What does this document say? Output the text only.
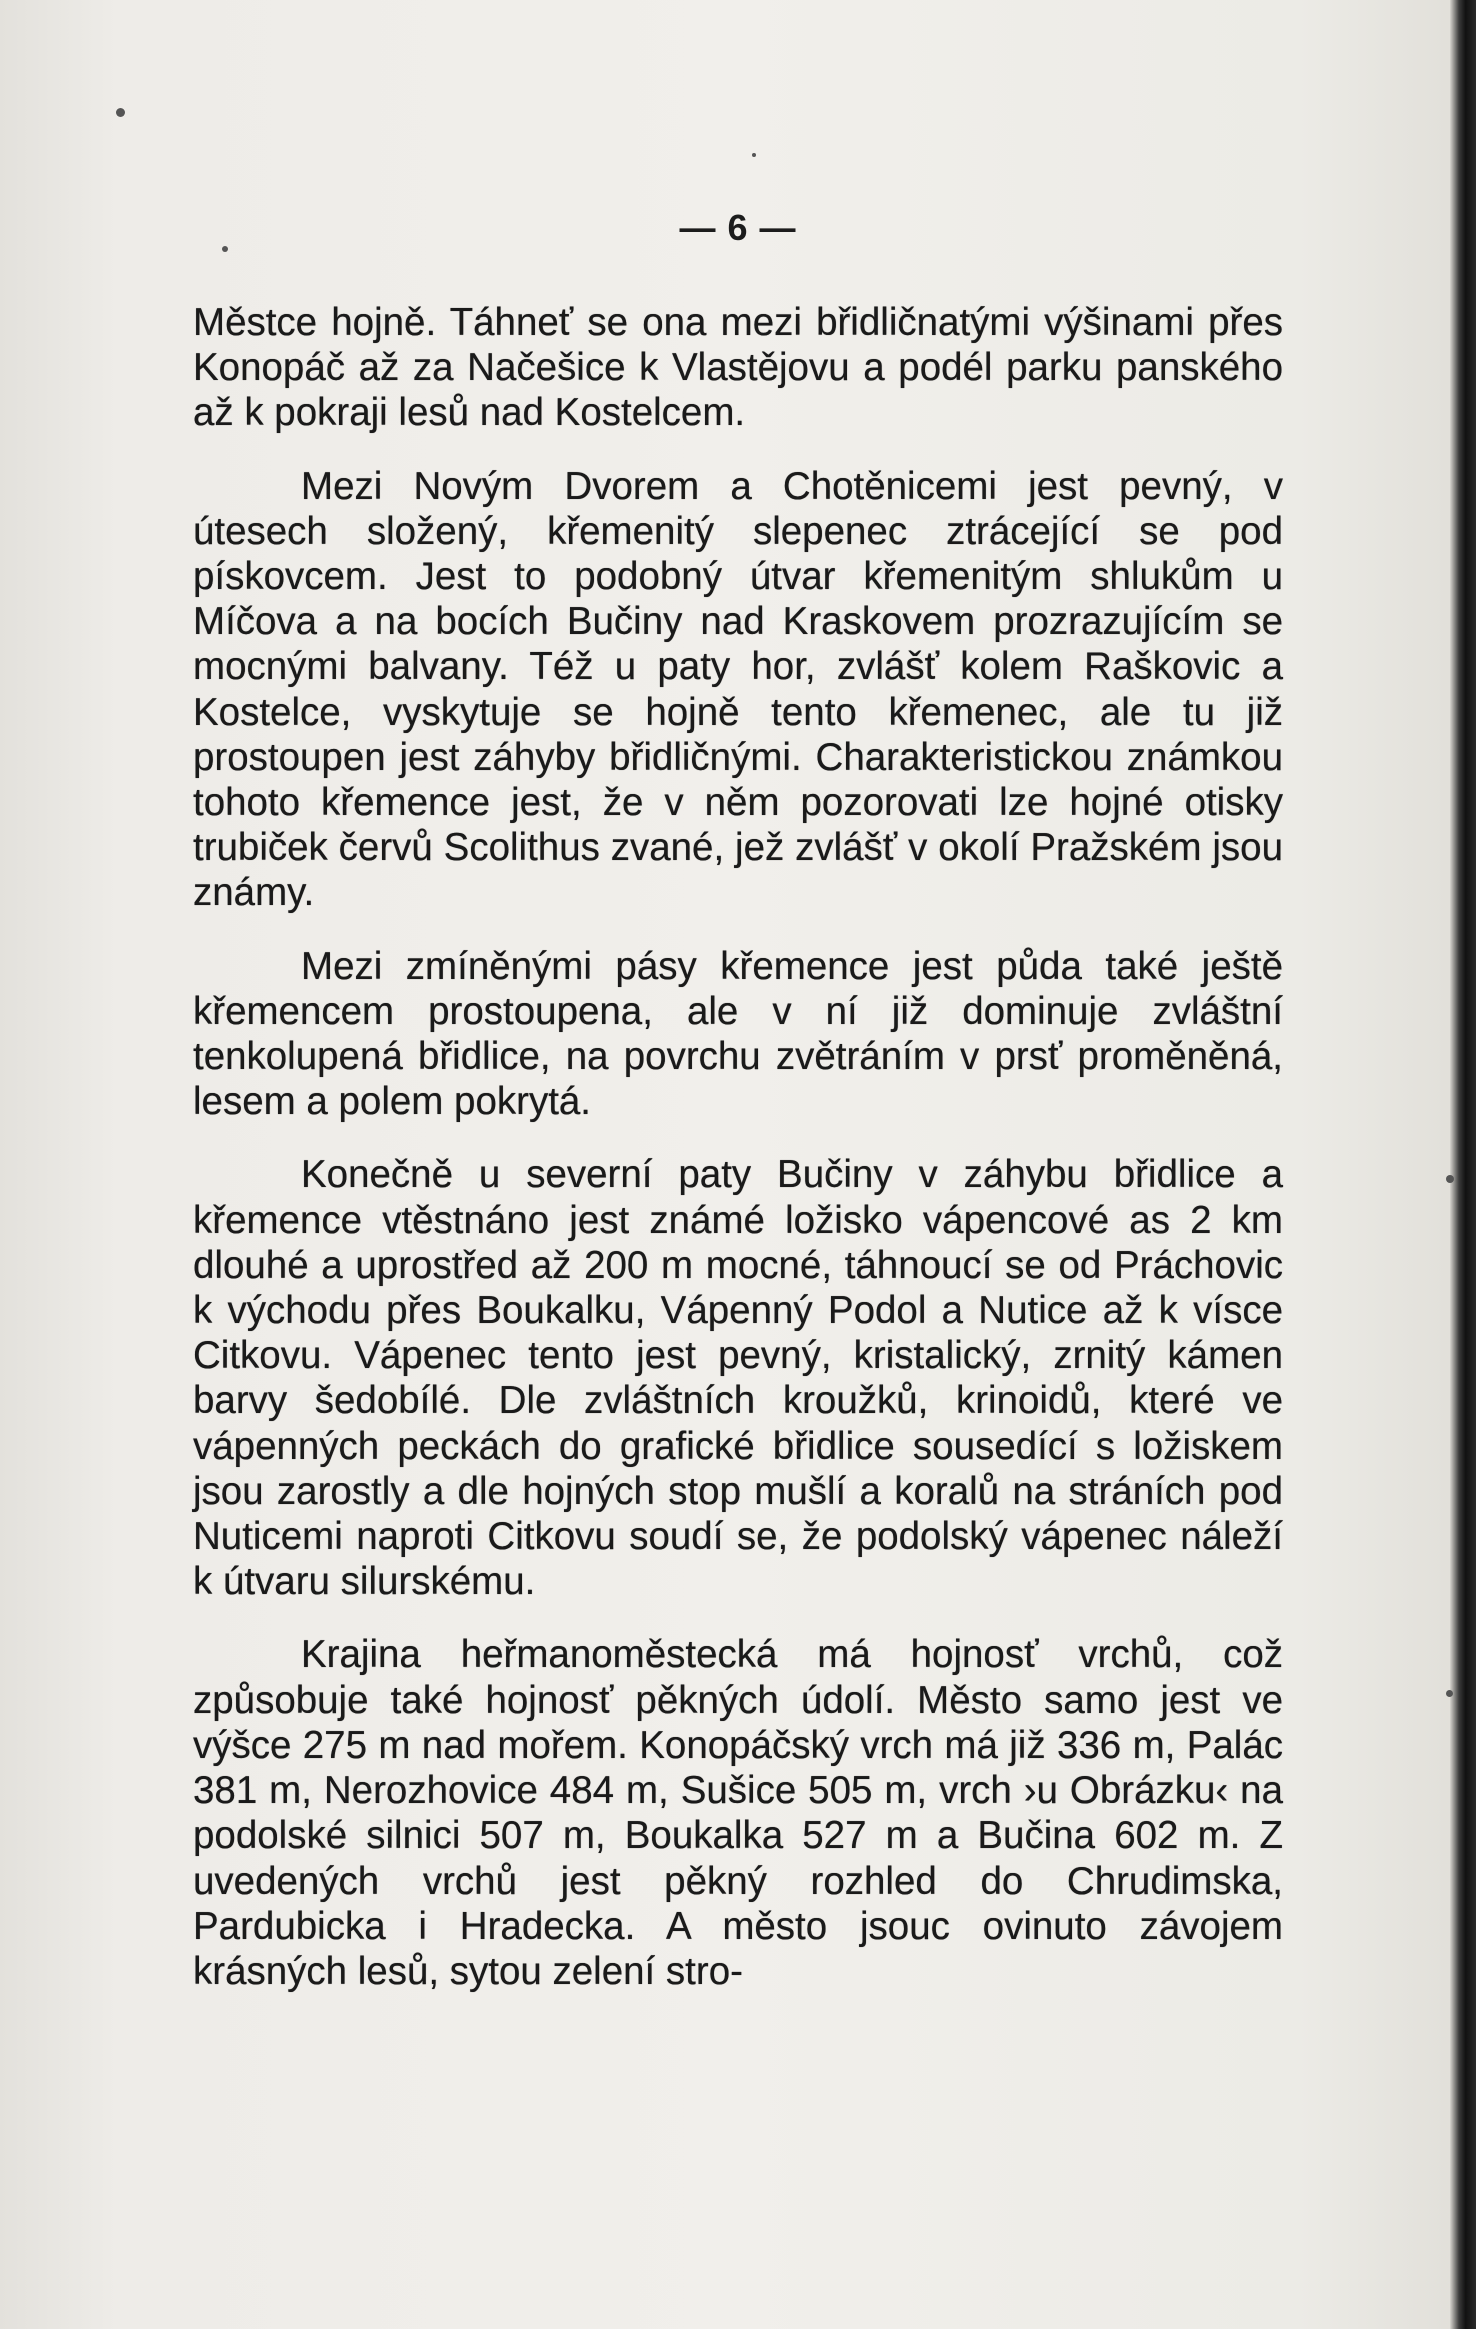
— 6 —

Městce hojně. Táhneť se ona mezi břidličnatými výšinami přes Konopáč až za Načešice k Vlastějovu a podél parku panského až k pokraji lesů nad Kostelcem.

Mezi Novým Dvorem a Chotěnicemi jest pevný, v útesech složený, křemenitý slepenec ztrácející se pod pískovcem. Jest to podobný útvar křemenitým shlukům u Míčova a na bocích Bučiny nad Kraskovem prozrazujícím se mocnými balvany. Též u paty hor, zvlášť kolem Raškovic a Kostelce, vyskytuje se hojně tento křemenec, ale tu již prostoupen jest záhyby břidličnými. Charakteristickou známkou tohoto křemence jest, že v něm pozorovati lze hojné otisky trubiček červů Scolithus zvané, jež zvlášť v okolí Pražském jsou známy.

Mezi zmíněnými pásy křemence jest půda také ještě křemencem prostoupena, ale v ní již dominuje zvláštní tenkolupená břidlice, na povrchu zvětráním v prsť proměněná, lesem a polem pokrytá.

Konečně u severní paty Bučiny v záhybu břidlice a křemence vtěstnáno jest známé ložisko vápencové as 2 km dlouhé a uprostřed až 200 m mocné, táhnoucí se od Práchovic k východu přes Boukalku, Vápenný Podol a Nutice až k vísce Citkovu. Vápenec tento jest pevný, kristalický, zrnitý kámen barvy šedobílé. Dle zvláštních kroužků, krinoidů, které ve vápenných peckách do grafické břidlice sousedící s ložiskem jsou zarostly a dle hojných stop mušlí a koralů na stráních pod Nuticemi naproti Citkovu soudí se, že podolský vápenec náleží k útvaru silurskému.

Krajina heřmanoměstecká má hojnosť vrchů, což způsobuje také hojnosť pěkných údolí. Město samo jest ve výšce 275 m nad mořem. Konopáčský vrch má již 336 m, Palác 381 m, Nerozhovice 484 m, Sušice 505 m, vrch ›u Obrázku‹ na podolské silnici 507 m, Boukalka 527 m a Bučina 602 m. Z uvedených vrchů jest pěkný rozhled do Chrudimska, Pardubicka i Hradecka. A město jsouc ovinuto závojem krásných lesů, sytou zelení stro-
